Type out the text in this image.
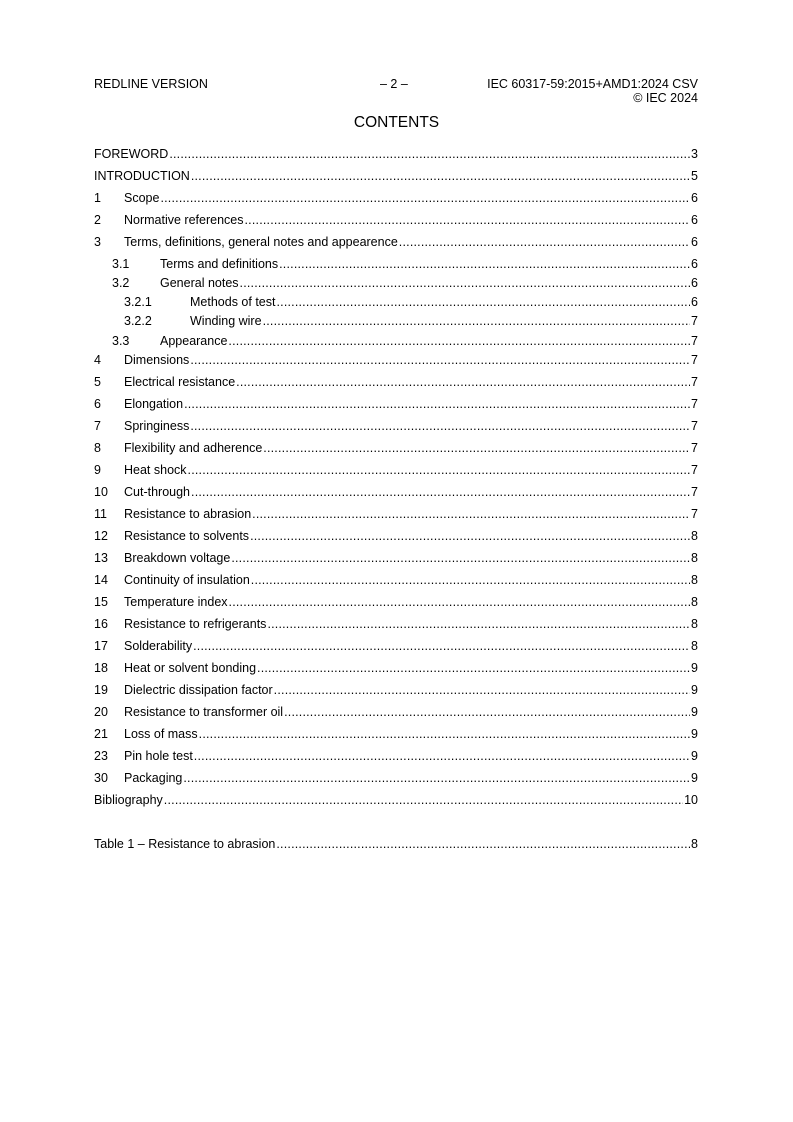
REDLINE VERSION	– 2 –	IEC 60317-59:2015+AMD1:2024 CSV
© IEC 2024
CONTENTS
FOREWORD .....	3
INTRODUCTION .....	5
1	Scope .....	6
2	Normative references .....	6
3	Terms, definitions, general notes and appearence .....	6
3.1	Terms and definitions .....	6
3.2	General notes .....	6
3.2.1	Methods of test .....	6
3.2.2	Winding wire .....	7
3.3	Appearance .....	7
4	Dimensions .....	7
5	Electrical resistance .....	7
6	Elongation .....	7
7	Springiness .....	7
8	Flexibility and adherence .....	7
9	Heat shock .....	7
10	Cut-through .....	7
11	Resistance to abrasion .....	7
12	Resistance to solvents .....	8
13	Breakdown voltage .....	8
14	Continuity of insulation .....	8
15	Temperature index .....	8
16	Resistance to refrigerants .....	8
17	Solderability .....	8
18	Heat or solvent bonding .....	9
19	Dielectric dissipation factor .....	9
20	Resistance to transformer oil .....	9
21	Loss of mass .....	9
23	Pin hole test .....	9
30	Packaging .....	9
Bibliography .....	10
Table 1 – Resistance to abrasion .....	8
